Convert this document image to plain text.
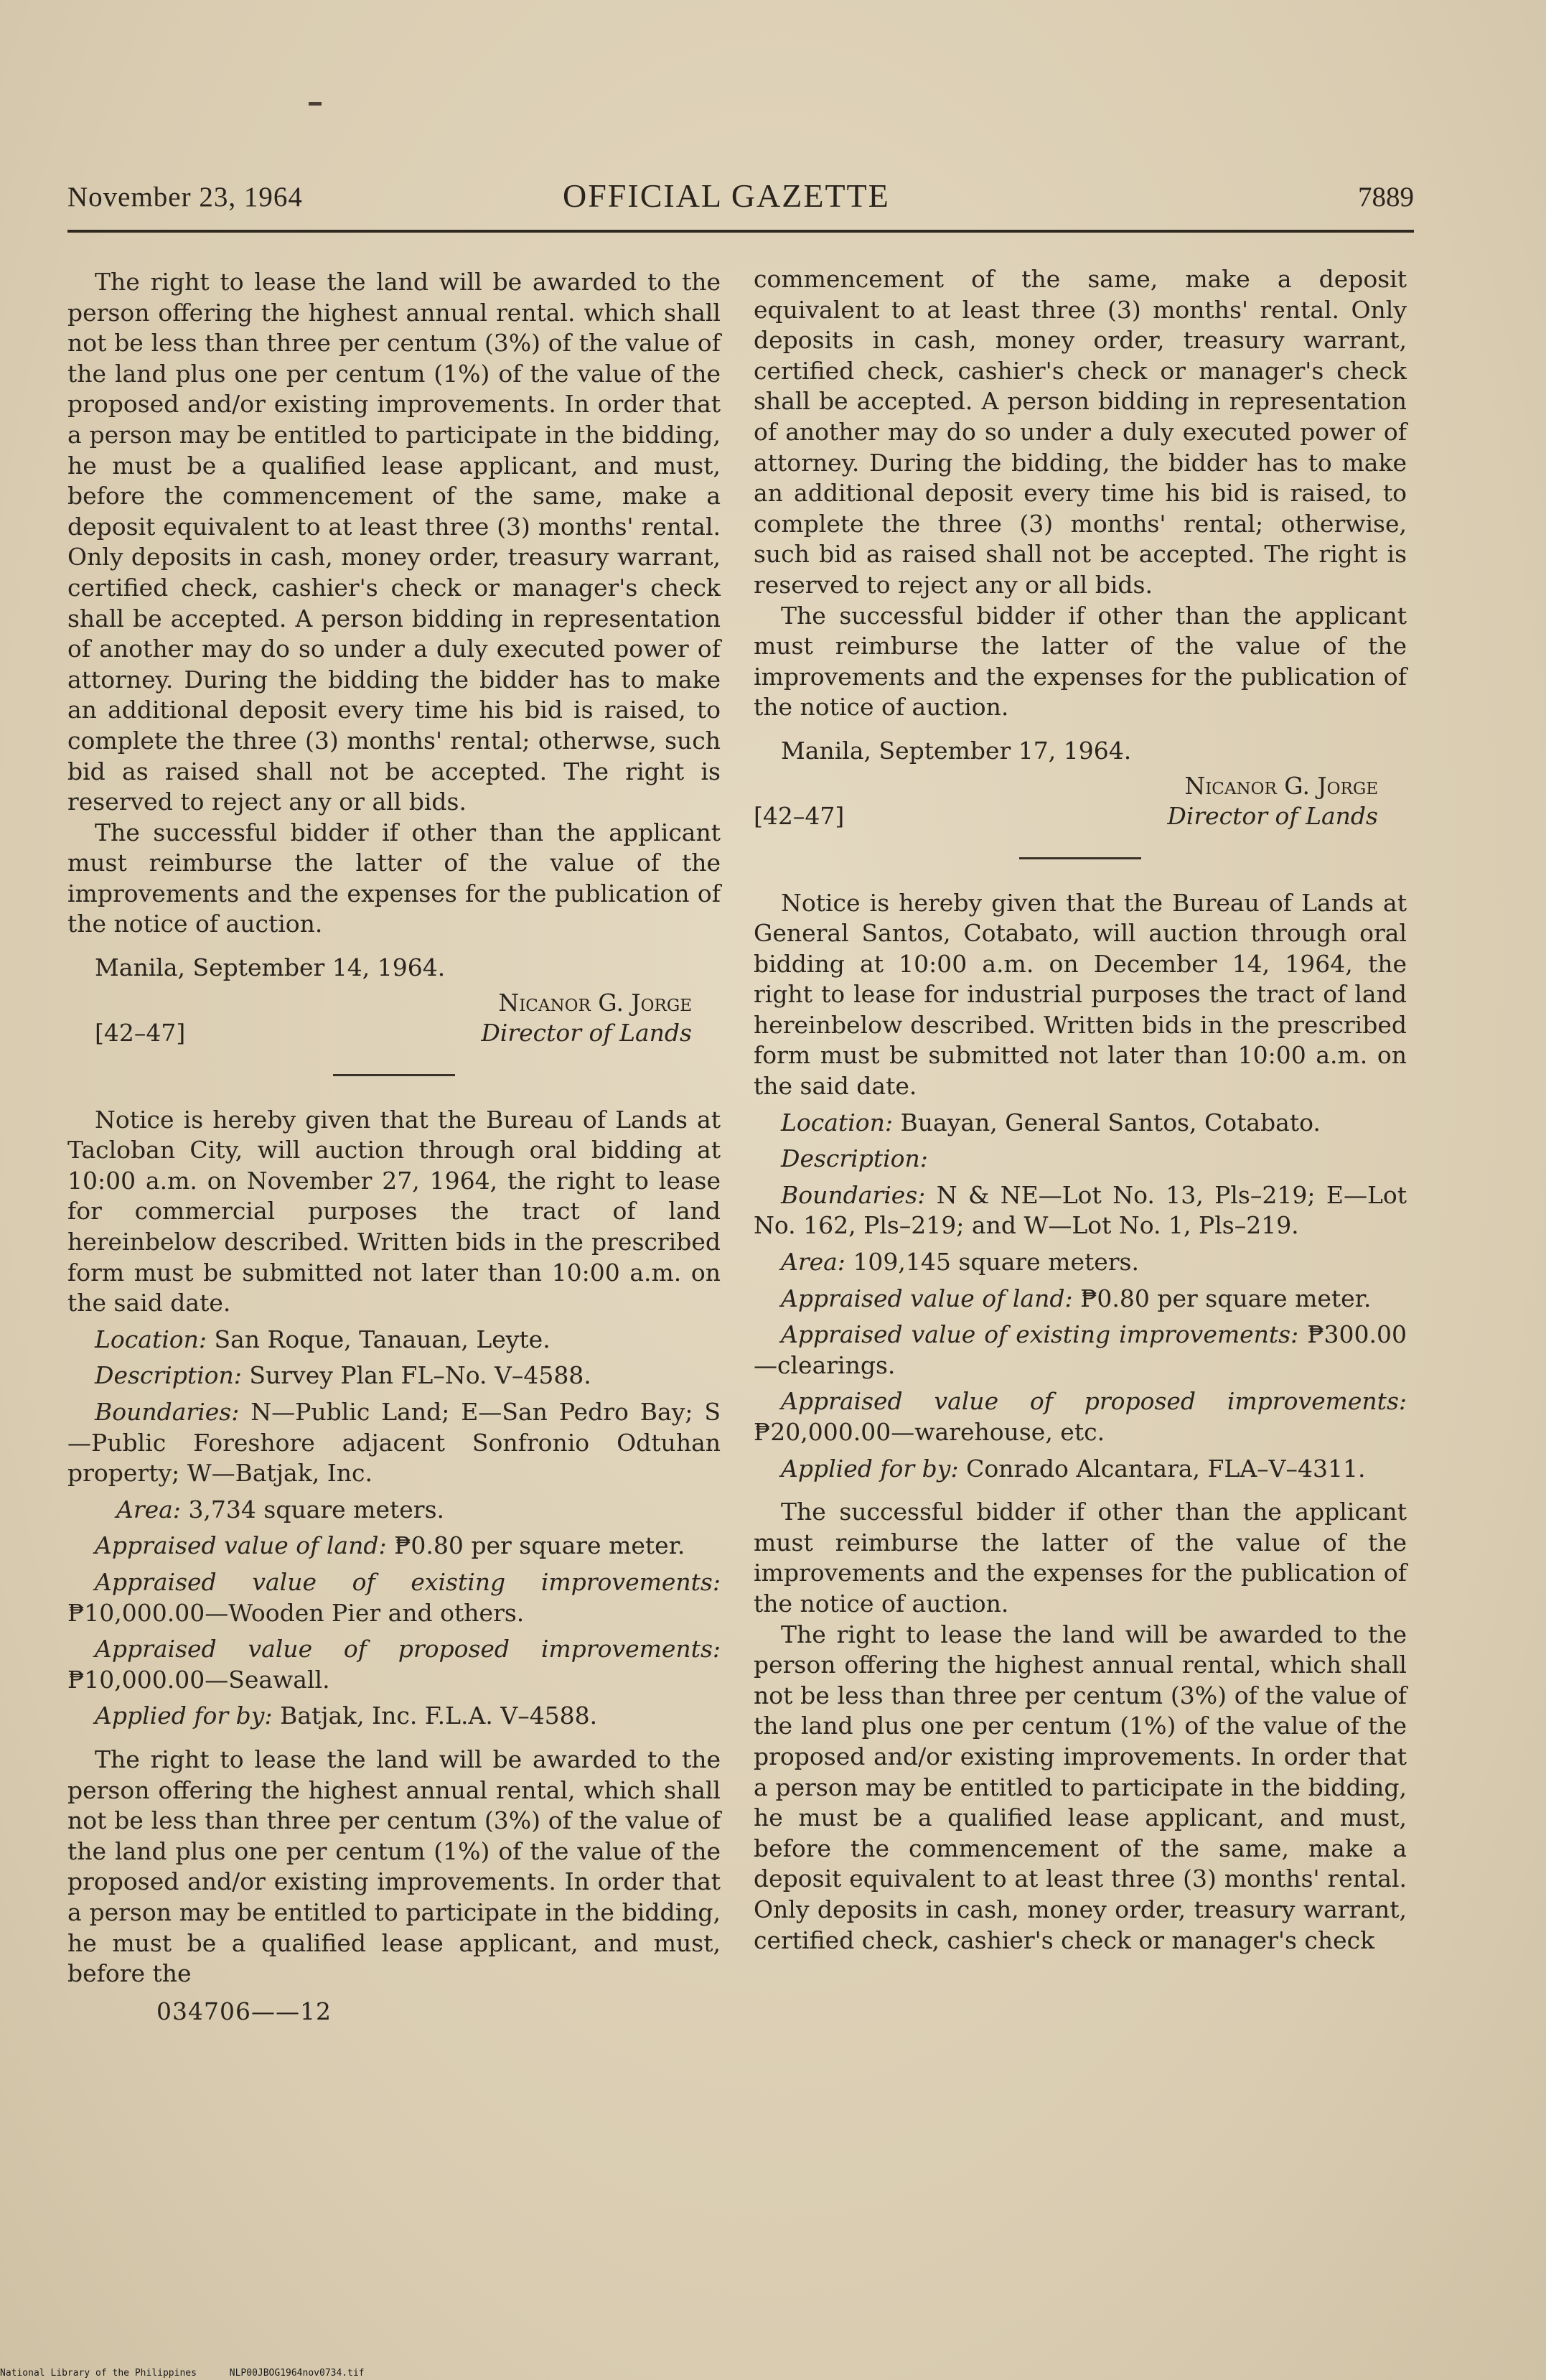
November 23, 1964	OFFICIAL GAZETTE	7889

The right to lease the land will be awarded to the person offering the highest annual rental. which shall not be less than three per centum (3%) of the value of the land plus one per centum (1%) of the value of the proposed and/or existing improvements. In order that a person may be entitled to participate in the bidding, he must be a qualified lease applicant, and must, before the commencement of the same, make a deposit equivalent to at least three (3) months' rental. Only deposits in cash, money order, treasury warrant, certified check, cashier's check or manager's check shall be accepted. A person bidding in representation of another may do so under a duly executed power of attorney. During the bidding the bidder has to make an additional deposit every time his bid is raised, to complete the three (3) months' rental; otherwse, such bid as raised shall not be accepted. The right is reserved to reject any or all bids.

The successful bidder if other than the applicant must reimburse the latter of the value of the improvements and the expenses for the publication of the notice of auction.

Manila, September 14, 1964.

Nicanor G. Jorge
[42–47]	Director of Lands

Notice is hereby given that the Bureau of Lands at Tacloban City, will auction through oral bidding at 10:00 a.m. on November 27, 1964, the right to lease for commercial purposes the tract of land hereinbelow described. Written bids in the prescribed form must be submitted not later than 10:00 a.m. on the said date.

Location: San Roque, Tanauan, Leyte.

Description: Survey Plan FL–No. V–4588.

Boundaries: N—Public Land; E—San Pedro Bay; S—Public Foreshore adjacent Sonfronio Odtuhan property; W—Batjak, Inc.

Area: 3,734 square meters.

Appraised value of land: ₱0.80 per square meter.

Appraised value of existing improvements: ₱10,000.00—Wooden Pier and others.

Appraised value of proposed improvements: ₱10,000.00—Seawall.

Applied for by: Batjak, Inc. F.L.A. V–4588.

The right to lease the land will be awarded to the person offering the highest annual rental, which shall not be less than three per centum (3%) of the value of the land plus one per centum (1%) of the value of the proposed and/or existing improvements. In order that a person may be entitled to participate in the bidding, he must be a qualified lease applicant, and must, before the

034706——12

commencement of the same, make a deposit equivalent to at least three (3) months' rental. Only deposits in cash, money order, treasury warrant, certified check, cashier's check or manager's check shall be accepted. A person bidding in representation of another may do so under a duly executed power of attorney. During the bidding, the bidder has to make an additional deposit every time his bid is raised, to complete the three (3) months' rental; otherwise, such bid as raised shall not be accepted. The right is reserved to reject any or all bids.

The successful bidder if other than the applicant must reimburse the latter of the value of the improvements and the expenses for the publication of the notice of auction.

Manila, September 17, 1964.

Nicanor G. Jorge
[42–47]	Director of Lands

Notice is hereby given that the Bureau of Lands at General Santos, Cotabato, will auction through oral bidding at 10:00 a.m. on December 14, 1964, the right to lease for industrial purposes the tract of land hereinbelow described. Written bids in the prescribed form must be submitted not later than 10:00 a.m. on the said date.

Location: Buayan, General Santos, Cotabato.

Description:

Boundaries: N & NE—Lot No. 13, Pls–219; E—Lot No. 162, Pls–219; and W—Lot No. 1, Pls–219.

Area: 109,145 square meters.

Appraised value of land: ₱0.80 per square meter.

Appraised value of existing improvements: ₱300.00—clearings.

Appraised value of proposed improvements: ₱20,000.00—warehouse, etc.

Applied for by: Conrado Alcantara, FLA–V–4311.

The successful bidder if other than the applicant must reimburse the latter of the value of the improvements and the expenses for the publication of the notice of auction.

The right to lease the land will be awarded to the person offering the highest annual rental, which shall not be less than three per centum (3%) of the value of the land plus one per centum (1%) of the value of the proposed and/or existing improvements. In order that a person may be entitled to participate in the bidding, he must be a qualified lease applicant, and must, before the commencement of the same, make a deposit equivalent to at least three (3) months' rental. Only deposits in cash, money order, treasury warrant, certified check, cashier's check or manager's check

National Library of the Philippines	NLP00JBOG1964nov0734.tif
